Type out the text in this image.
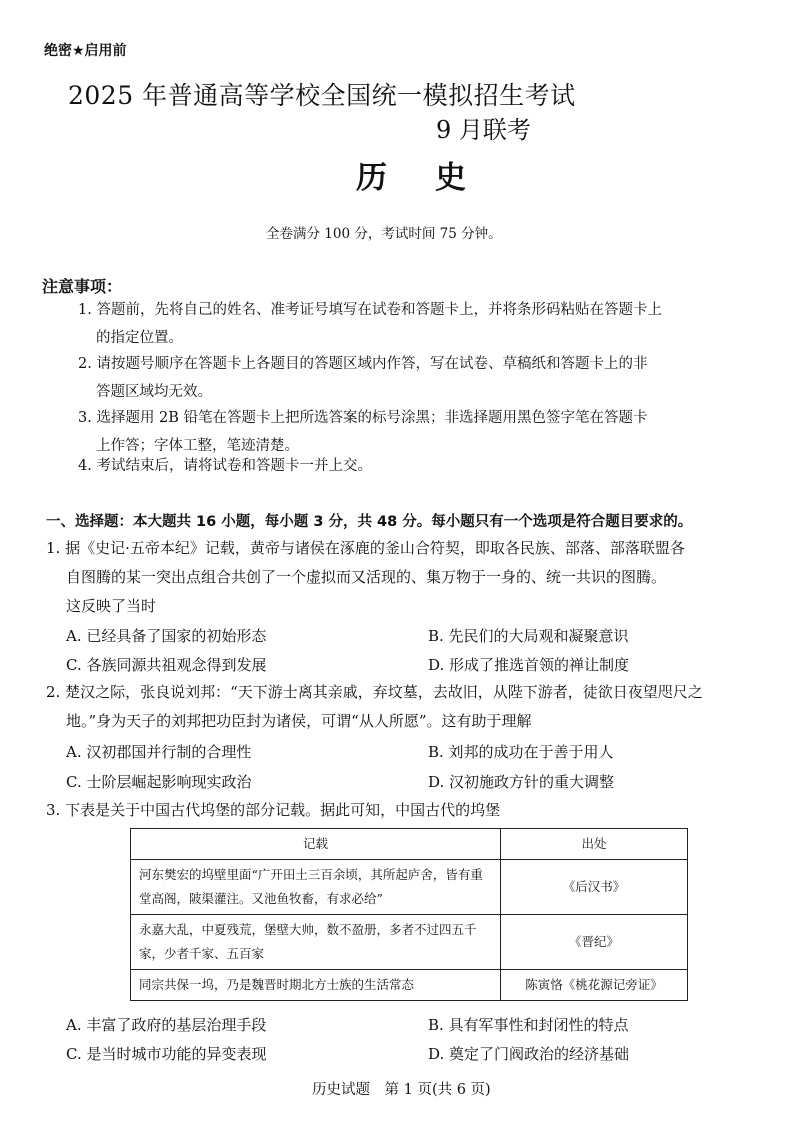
绝密★启用前
2025 年普通高等学校全国统一模拟招生考试
9 月联考
历史
全卷满分 100 分，考试时间 75 分钟。
注意事项：
1. 答题前，先将自己的姓名、准考证号填写在试卷和答题卡上，并将条形码粘贴在答题卡上
的指定位置。
2. 请按题号顺序在答题卡上各题目的答题区域内作答，写在试卷、草稿纸和答题卡上的非
答题区域均无效。
3. 选择题用 2B 铅笔在答题卡上把所选答案的标号涂黑；非选择题用黑色签字笔在答题卡
上作答；字体工整，笔迹清楚。
4. 考试结束后，请将试卷和答题卡一并上交。
一、选择题：本大题共 16 小题，每小题 3 分，共 48 分。每小题只有一个选项是符合题目要求的。
1. 据《史记·五帝本纪》记载，黄帝与诸侯在涿鹿的釜山合符契，即取各民族、部落、部落联盟各
自图腾的某一突出点组合共创了一个虚拟而又活现的、集万物于一身的、统一共识的图腾。
这反映了当时
A. 已经具备了国家的初始形态	B. 先民们的大局观和凝聚意识
C. 各族同源共祖观念得到发展	D. 形成了推选首领的禅让制度
2. 楚汉之际，张良说刘邦：“天下游士离其亲戚，弃坟墓，去故旧，从陛下游者，徒欲日夜望咫尺之
地。”身为天子的刘邦把功臣封为诸侯，可谓“从人所愿”。这有助于理解
A. 汉初郡国并行制的合理性	B. 刘邦的成功在于善于用人
C. 士阶层崛起影响现实政治	D. 汉初施政方针的重大调整
3. 下表是关于中国古代坞堡的部分记载。据此可知，中国古代的坞堡
记载	出处
河东樊宏的坞壁里面“广开田土三百余顷，其所起庐舍，皆有重堂高阁，陂渠灌注。又池鱼牧畜，有求必给”	《后汉书》
永嘉大乱，中夏残荒，堡壁大帅，数不盈册，多者不过四五千家，少者千家、五百家	《晋纪》
同宗共保一坞，乃是魏晋时期北方士族的生活常态	陈寅恪《桃花源记旁证》
A. 丰富了政府的基层治理手段	B. 具有军事性和封闭性的特点
C. 是当时城市功能的异变表现	D. 奠定了门阀政治的经济基础
历史试题　第 1 页(共 6 页)
